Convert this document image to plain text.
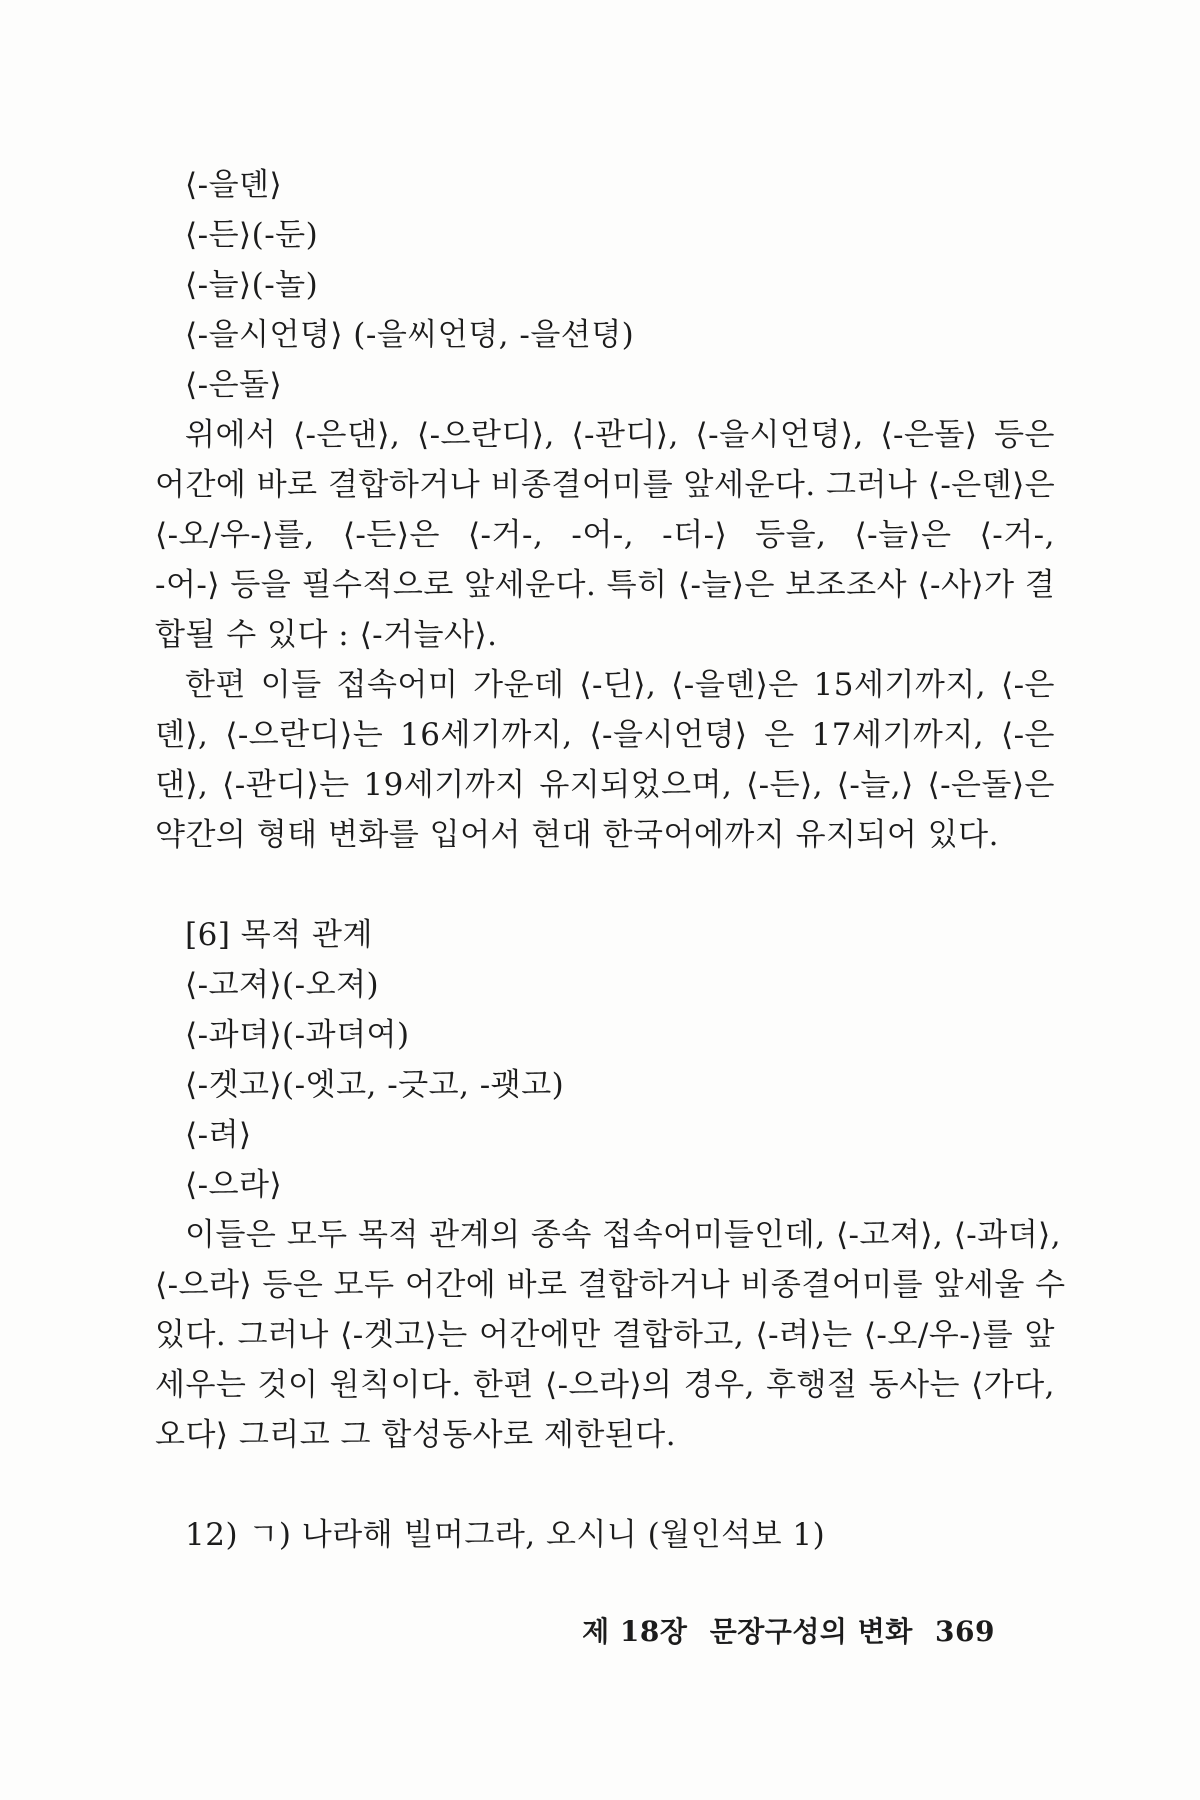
⟨-을뎬⟩
⟨-든⟩(-둔)
⟨-늘⟩(-놀)
⟨-을시언뎡⟩ (-을씨언뎡, -을션뎡)
⟨-은돌⟩
위에서 ⟨-은댄⟩, ⟨-으란디⟩, ⟨-관디⟩, ⟨-을시언뎡⟩, ⟨-은돌⟩ 등은
어간에 바로 결합하거나 비종결어미를 앞세운다. 그러나 ⟨-은뎬⟩은
⟨-오/우-⟩를, ⟨-든⟩은 ⟨-거-, -어-, -더-⟩ 등을, ⟨-늘⟩은 ⟨-거-,
-어-⟩ 등을 필수적으로 앞세운다. 특히 ⟨-늘⟩은 보조조사 ⟨-사⟩가 결
합될 수 있다 : ⟨-거늘사⟩.
한편 이들 접속어미 가운데 ⟨-딘⟩, ⟨-을뎬⟩은 15세기까지, ⟨-은
뎬⟩, ⟨-으란디⟩는 16세기까지, ⟨-을시언뎡⟩ 은 17세기까지, ⟨-은
댄⟩, ⟨-관디⟩는 19세기까지 유지되었으며, ⟨-든⟩, ⟨-늘,⟩ ⟨-은돌⟩은
약간의 형태 변화를 입어서 현대 한국어에까지 유지되어 있다.
[6] 목적 관계
⟨-고져⟩(-오져)
⟨-과뎌⟩(-과뎌여)
⟨-겟고⟩(-엣고, -긋고, -괫고)
⟨-려⟩
⟨-으라⟩
이들은 모두 목적 관계의 종속 접속어미들인데, ⟨-고져⟩, ⟨-과뎌⟩,
⟨-으라⟩ 등은 모두 어간에 바로 결합하거나 비종결어미를 앞세울 수
있다. 그러나 ⟨-겟고⟩는 어간에만 결합하고, ⟨-려⟩는 ⟨-오/우-⟩를 앞
세우는 것이 원칙이다. 한편 ⟨-으라⟩의 경우, 후행절 동사는 ⟨가다,
오다⟩ 그리고 그 합성동사로 제한된다.
12) ㄱ) 나라해 빌머그라, 오시니 (월인석보 1)
제 18장 문장구성의 변화 369
